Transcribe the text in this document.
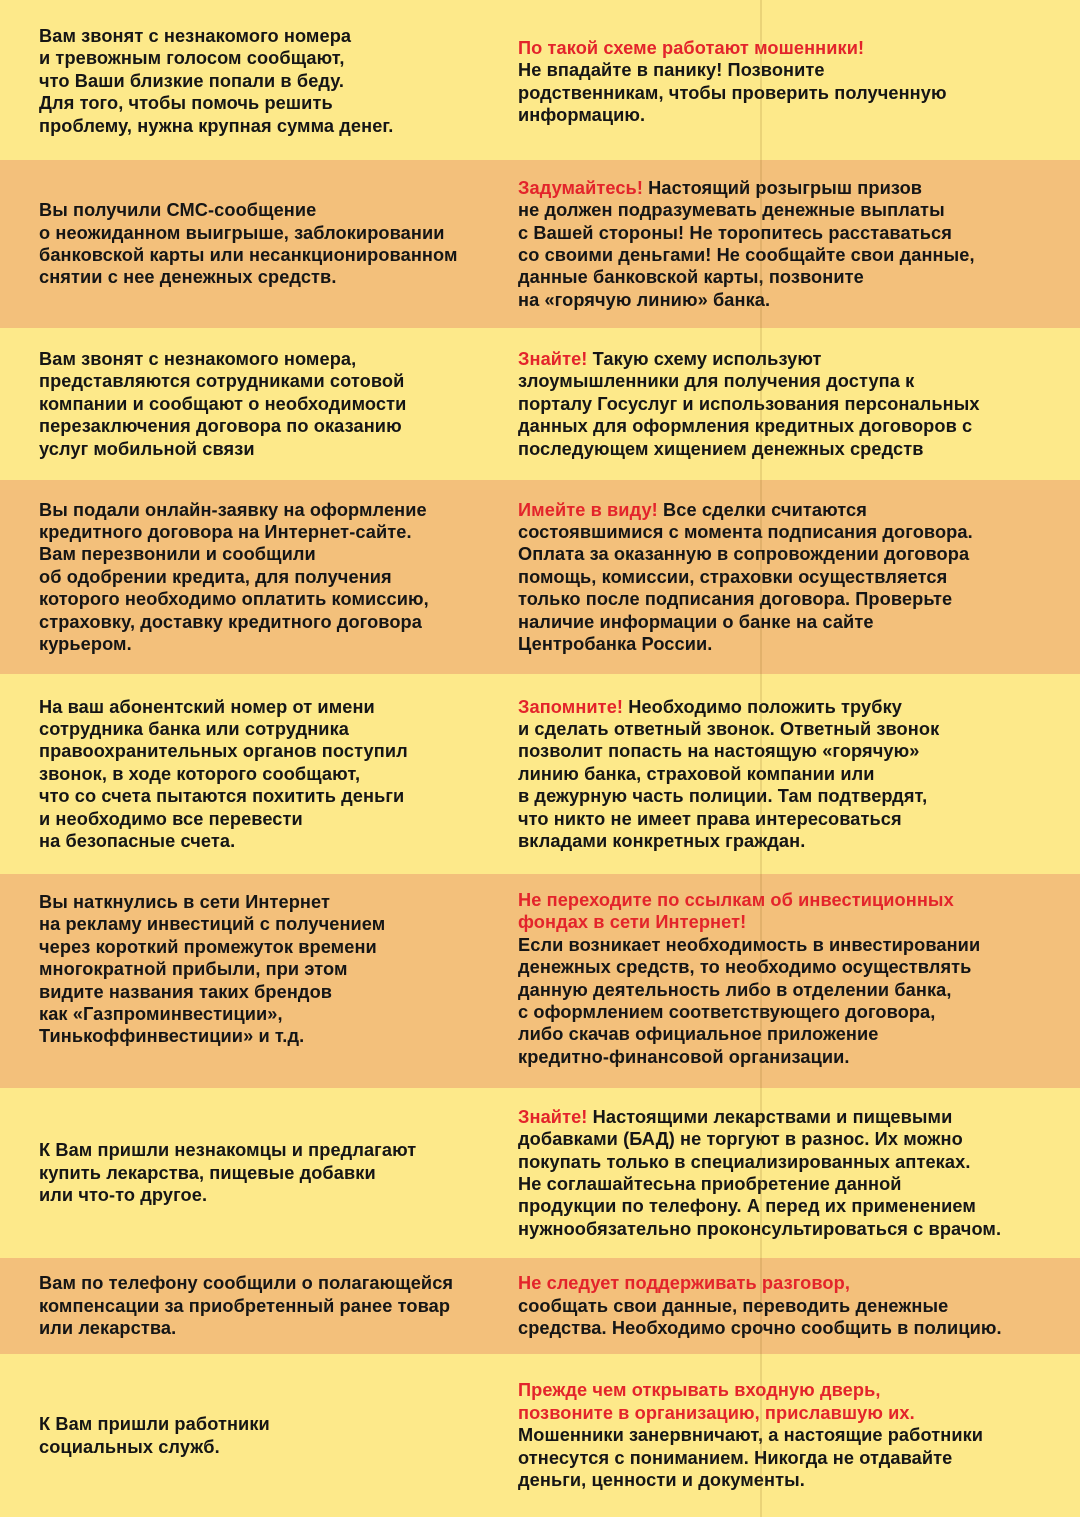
Вам звонят с незнакомого номера
и тревожным голосом сообщают,
что Ваши близкие попали в беду.
Для того, чтобы помочь решить
проблему, нужна крупная сумма денег.
По такой схеме работают мошенники!
Не впадайте в панику! Позвоните
родственникам, чтобы проверить полученную
информацию.
Вы получили СМС-сообщение
о неожиданном выигрыше, заблокировании
банковской карты или несанкционированном
снятии с нее денежных средств.
Задумайтесь! Настоящий розыгрыш призов
не должен подразумевать денежные выплаты
с Вашей стороны! Не торопитесь расставаться
со своими деньгами! Не сообщайте свои данные,
данные банковской карты, позвоните
на «горячую линию» банка.
Вам звонят с незнакомого номера,
представляются сотрудниками сотовой
компании и сообщают о необходимости
перезаключения договора по оказанию
услуг мобильной связи
Знайте! Такую схему используют
злоумышленники для получения доступа к
порталу Госуслуг и использования персональных
данных для оформления кредитных договоров с
последующем хищением денежных средств
Вы подали онлайн-заявку на оформление
кредитного договора на Интернет-сайте.
Вам перезвонили и сообщили
об одобрении кредита, для получения
которого необходимо оплатить комиссию,
страховку, доставку кредитного договора
курьером.
Имейте в виду! Все сделки считаются
состоявшимися с момента подписания договора.
Оплата за оказанную в сопровождении договора
помощь, комиссии, страховки осуществляется
только после подписания договора. Проверьте
наличие информации о банке на сайте
Центробанка России.
На ваш абонентский номер от имени
сотрудника банка или сотрудника
правоохранительных органов поступил
звонок, в ходе которого сообщают,
что со счета пытаются похитить деньги
и необходимо все перевести
на безопасные счета.
Запомните! Необходимо положить трубку
и сделать ответный звонок. Ответный звонок
позволит попасть на настоящую «горячую»
линию банка, страховой компании или
в дежурную часть полиции. Там подтвердят,
что никто не имеет права интересоваться
вкладами конкретных граждан.
Вы наткнулись в сети Интернет
на рекламу инвестиций с получением
через короткий промежуток времени
многократной прибыли, при этом
видите названия таких брендов
как «Газпроминвестиции»,
Тинькоффинвестиции» и т.д.
Не переходите по ссылкам об инвестиционных
фондах в сети Интернет!
Если возникает необходимость в инвестировании
денежных средств, то необходимо осуществлять
данную деятельность либо в отделении банка,
с оформлением соответствующего договора,
либо скачав официальное приложение
кредитно-финансовой организации.
К Вам пришли незнакомцы и предлагают
купить лекарства, пищевые добавки
или что-то другое.
Знайте! Настоящими лекарствами и пищевыми
добавками (БАД) не торгуют в разнос. Их можно
покупать только в специализированных аптеках.
Не соглашайтесьна приобретение данной
продукции по телефону. А перед их применением
нужнообязательно проконсультироваться с врачом.
Вам по телефону сообщили о полагающейся
компенсации за приобретенный ранее товар
или лекарства.
Не следует поддерживать разговор,
сообщать свои данные, переводить денежные
средства. Необходимо срочно сообщить в полицию.
К Вам пришли работники
социальных служб.
Прежде чем открывать входную дверь,
позвоните в организацию, приславшую их.
Мошенники занервничают, а настоящие работники
отнесутся с пониманием. Никогда не отдавайте
деньги, ценности и документы.
